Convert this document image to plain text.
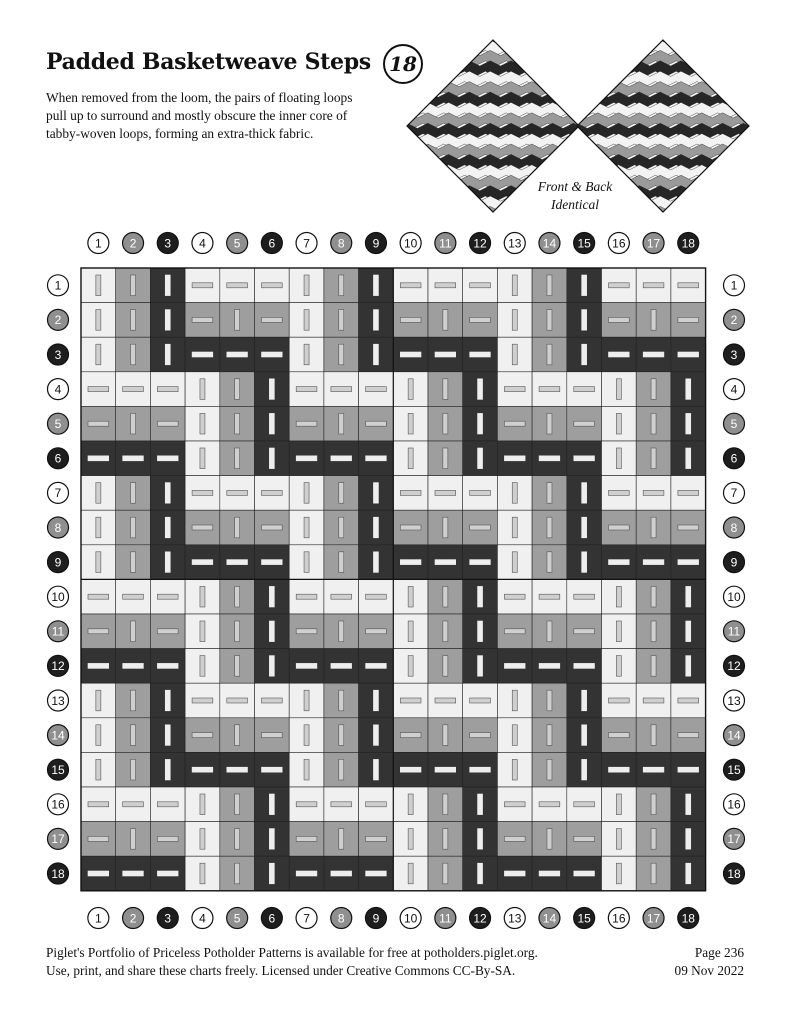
Padded Basketweave Steps 18
When removed from the loom, the pairs of floating loops pull up to surround and mostly obscure the inner core of tabby-woven loops, forming an extra-thick fabric.
Front & Back
Identical
1
1
2
2
3
3
4
4
5
5
6
6
7
7
8
8
9
9
10
10
11
11
12
12
13
13
14
14
15
15
16
16
17
17
18
18
1	1
2	2
3	3
4	4
5	5
6	6
7	7
8	8
9	9
10	10
11	11
12	12
13	13
14	14
15	15
16	16
17	17
18	18
Piglet's Portfolio of Priceless Potholder Patterns is available for free at potholders.piglet.org.
Use, print, and share these charts freely. Licensed under Creative Commons CC-By-SA.
Page 236
09 Nov 2022
